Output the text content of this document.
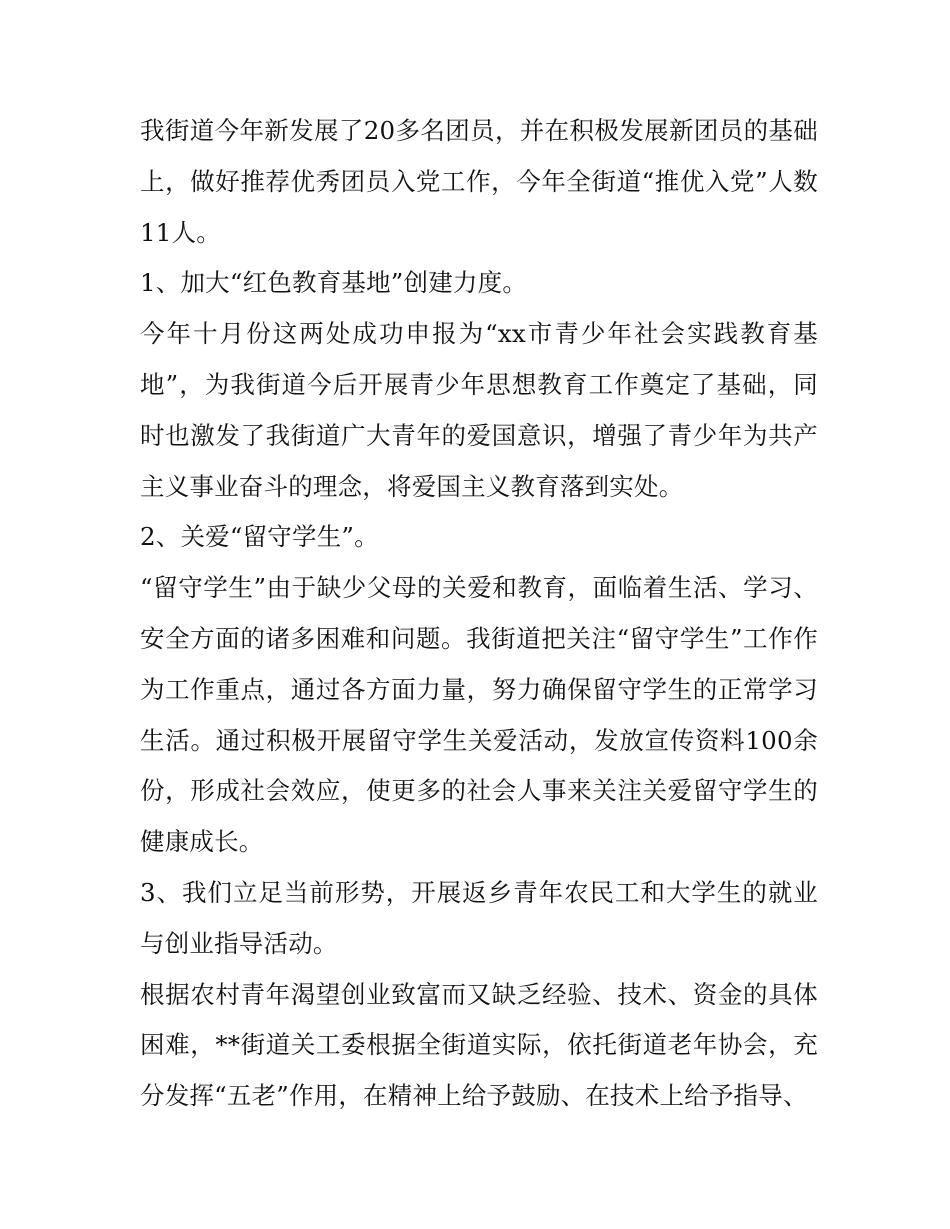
我街道今年新发展了20多名团员，并在积极发展新团员的基础上，做好推荐优秀团员入党工作，今年全街道“推优入党”人数11人。

1、加大“红色教育基地”创建力度。

今年十月份这两处成功申报为“xx市青少年社会实践教育基地”，为我街道今后开展青少年思想教育工作奠定了基础，同时也激发了我街道广大青年的爱国意识，增强了青少年为共产主义事业奋斗的理念，将爱国主义教育落到实处。

2、关爱“留守学生”。

“留守学生”由于缺少父母的关爱和教育，面临着生活、学习、安全方面的诸多困难和问题。我街道把关注“留守学生”工作作为工作重点，通过各方面力量，努力确保留守学生的正常学习生活。通过积极开展留守学生关爱活动，发放宣传资料100余份，形成社会效应，使更多的社会人事来关注关爱留守学生的健康成长。

3、我们立足当前形势，开展返乡青年农民工和大学生的就业与创业指导活动。

根据农村青年渴望创业致富而又缺乏经验、技术、资金的具体困难，**街道关工委根据全街道实际，依托街道老年协会，充分发挥“五老”作用，在精神上给予鼓励、在技术上给予指导、
